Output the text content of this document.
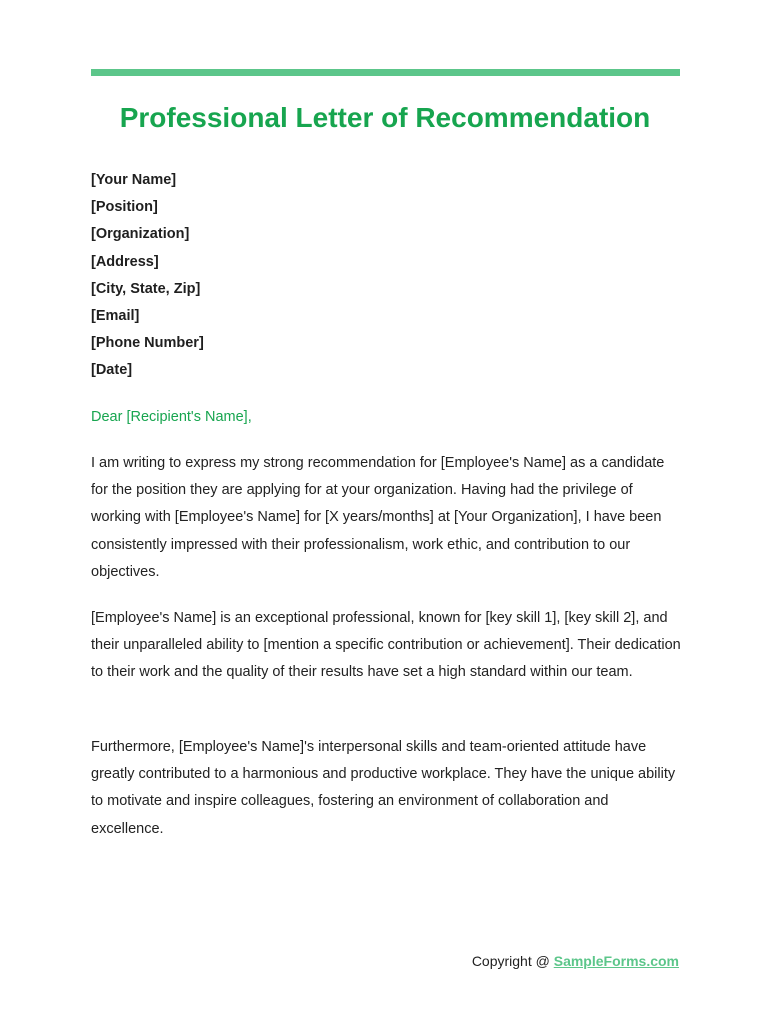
Professional Letter of Recommendation
[Your Name]
[Position]
[Organization]
[Address]
[City, State, Zip]
[Email]
[Phone Number]
[Date]
Dear [Recipient's Name],

I am writing to express my strong recommendation for [Employee's Name] as a candidate for the position they are applying for at your organization. Having had the privilege of working with [Employee's Name] for [X years/months] at [Your Organization], I have been consistently impressed with their professionalism, work ethic, and contribution to our objectives.

[Employee's Name] is an exceptional professional, known for [key skill 1], [key skill 2], and their unparalleled ability to [mention a specific contribution or achievement]. Their dedication to their work and the quality of their results have set a high standard within our team.

Furthermore, [Employee's Name]'s interpersonal skills and team-oriented attitude have greatly contributed to a harmonious and productive workplace. They have the unique ability to motivate and inspire colleagues, fostering an environment of collaboration and excellence.

Copyright @ SampleForms.com
